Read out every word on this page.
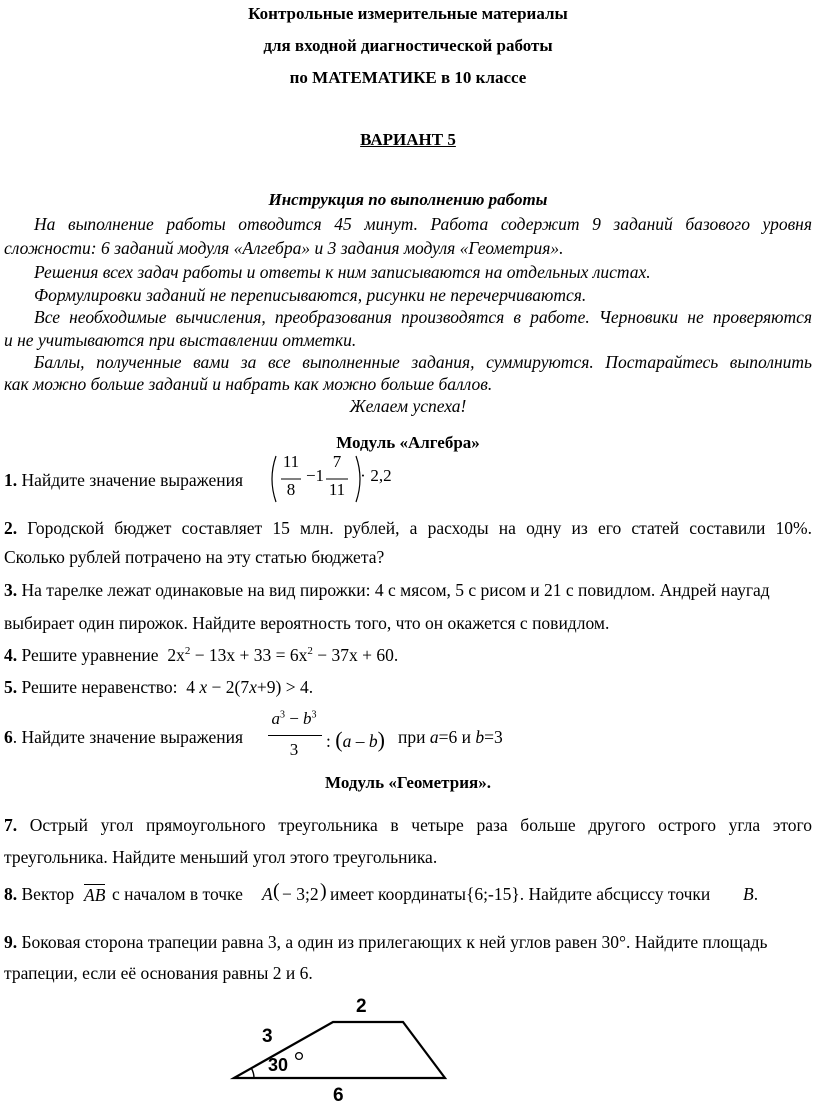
Контрольные измерительные материалы
для входной диагностической работы
по МАТЕМАТИКЕ в 10 классе
ВАРИАНТ 5
Инструкция по выполнению работы
На выполнение работы отводится 45 минут. Работа содержит 9 заданий базового уровня
сложности: 6 заданий модуля «Алгебра» и 3 задания модуля «Геометрия».
Решения всех задач работы и ответы к ним записываются на отдельных листах.
Формулировки заданий не переписываются, рисунки не перечерчиваются.
Все необходимые вычисления, преобразования производятся в работе. Черновики не проверяются
и не учитываются при выставлении отметки.
Баллы, полученные вами за все выполненные задания, суммируются. Постарайтесь выполнить
как можно больше заданий и набрать как можно больше баллов.
Желаем успеха!
Модуль «Алгебра»
1. Найдите значение выражения
11
8
−1
7
11
· 2,2
2. Городской бюджет составляет 15 млн. рублей, а расходы на одну из его статей составили 10%.
Сколько рублей потрачено на эту статью бюджета?
3. На тарелке лежат одинаковые на вид пирожки: 4 с мясом, 5 с рисом и 21 с повидлом. Андрей наугад
выбирает один пирожок. Найдите вероятность того, что он окажется с повидлом.
4. Решите уравнение $2x^2 - 13x + 33 = 6x^2 - 37x + 60$.
5. Решите неравенство: 4 x − 2(7x+9) > 4.
6. Найдите значение выражения
$a^3 - b^3$
3	: (a – b) при a=6 и b=3
Модуль «Геометрия».
7. Острый угол прямоугольного треугольника в четыре раза больше другого острого угла этого
треугольника. Найдите меньший угол этого треугольника.
8. Вектор AB с началом в точке A ( − 3;2 ) имеет координаты{6;-15}. Найдите абсциссу точки B.
9. Боковая сторона трапеции равна 3, а один из прилегающих к ней углов равен 30°. Найдите площадь
трапеции, если её основания равны 2 и 6.
2
3
30
6
